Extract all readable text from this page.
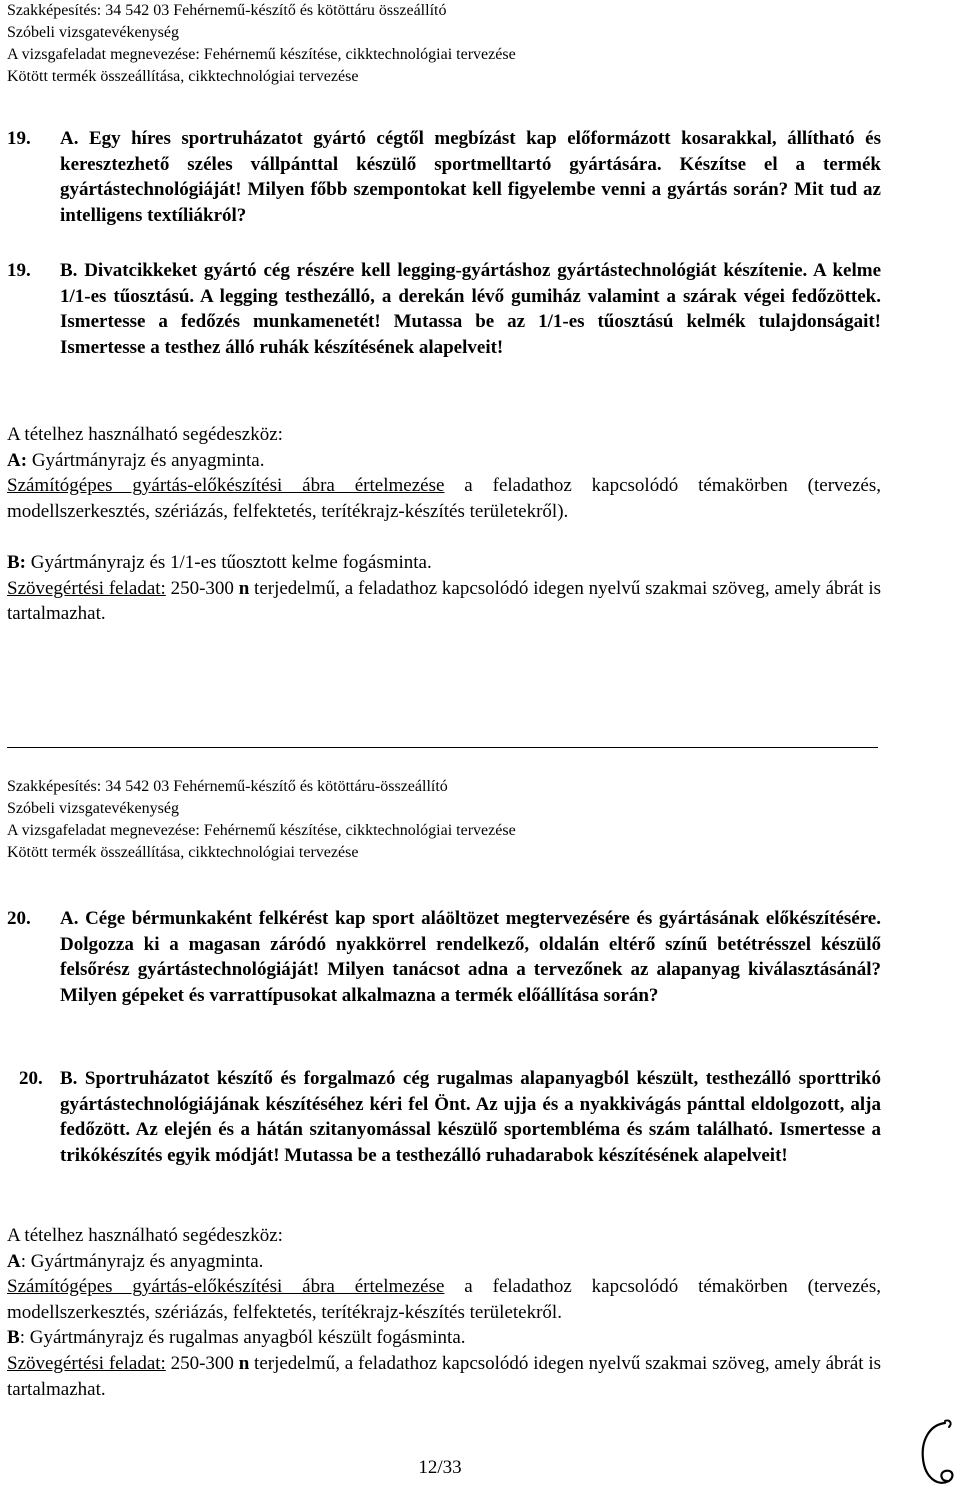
Szakképesítés: 34 542 03 Fehérnemű-készítő és kötöttáru összeállító
Szóbeli vizsgatevékenység
A vizsgafeladat megnevezése: Fehérnemű készítése, cikktechnológiai tervezése
Kötött termék összeállítása, cikktechnológiai tervezése
19. A. Egy híres sportruházatot gyártó cégtől megbízást kap előformázott kosarakkal, állítható és keresztezhető széles vállpánttal készülő sportmelltartó gyártására. Készítse el a termék gyártástechnológiáját! Milyen főbb szempontokat kell figyelembe venni a gyártás során? Mit tud az intelligens textíliákról?
19. B. Divatcikkeket gyártó cég részére kell legging-gyártáshoz gyártástechnológiát készítenie. A kelme 1/1-es tűosztású. A legging testhezálló, a derekán lévő gumiház valamint a szárak végei fedőzöttek. Ismertesse a fedőzés munkamenetét! Mutassa be az 1/1-es tűosztású kelmék tulajdonságait! Ismertesse a testhez álló ruhák készítésének alapelveit!
A tételhez használható segédeszköz:
A: Gyártmányrajz és anyagminta.
Számítógépes gyártás-előkészítési ábra értelmezése a feladathoz kapcsolódó témakörben (tervezés, modellszerkesztés, szériázás, felfektetés, terítékrajz-készítés területekről).
B: Gyártmányrajz és 1/1-es tűosztott kelme fogásminta.
Szövegértési feladat: 250-300 n terjedelmű, a feladathoz kapcsolódó idegen nyelvű szakmai szöveg, amely ábrát is tartalmazhat.
Szakképesítés: 34 542 03 Fehérnemű-készítő és kötöttáru-összeállító
Szóbeli vizsgatevékenység
A vizsgafeladat megnevezése: Fehérnemű készítése, cikktechnológiai tervezése
Kötött termék összeállítása, cikktechnológiai tervezése
20. A. Cége bérmunkaként felkérést kap sport aláöltözet megtervezésére és gyártásának előkészítésére. Dolgozza ki a magasan záródó nyakkörrel rendelkező, oldalán eltérő színű betétrésszel készülő felsőrész gyártástechnológiáját! Milyen tanácsot adna a tervezőnek az alapanyag kiválasztásánál? Milyen gépeket és varrattípusokat alkalmazna a termék előállítása során?
20. B. Sportruházatot készítő és forgalmazó cég rugalmas alapanyagból készült, testhezálló sporttrikó gyártástechnológiájának készítéséhez kéri fel Önt. Az ujja és a nyakkivágás pánttal eldolgozott, alja fedőzött. Az elején és a hátán szitanyomással készülő sportembléma és szám található. Ismertesse a trikókészítés egyik módját! Mutassa be a testhezálló ruhadarabok készítésének alapelveit!
A tételhez használható segédeszköz:
A: Gyártmányrajz és anyagminta.
Számítógépes gyártás-előkészítési ábra értelmezése a feladathoz kapcsolódó témakörben (tervezés, modellszerkesztés, szériázás, felfektetés, terítékrajz-készítés területekről.
B: Gyártmányrajz és rugalmas anyagból készült fogásminta.
Szövegértési feladat: 250-300 n terjedelmű, a feladathoz kapcsolódó idegen nyelvű szakmai szöveg, amely ábrát is tartalmazhat.
12/33
